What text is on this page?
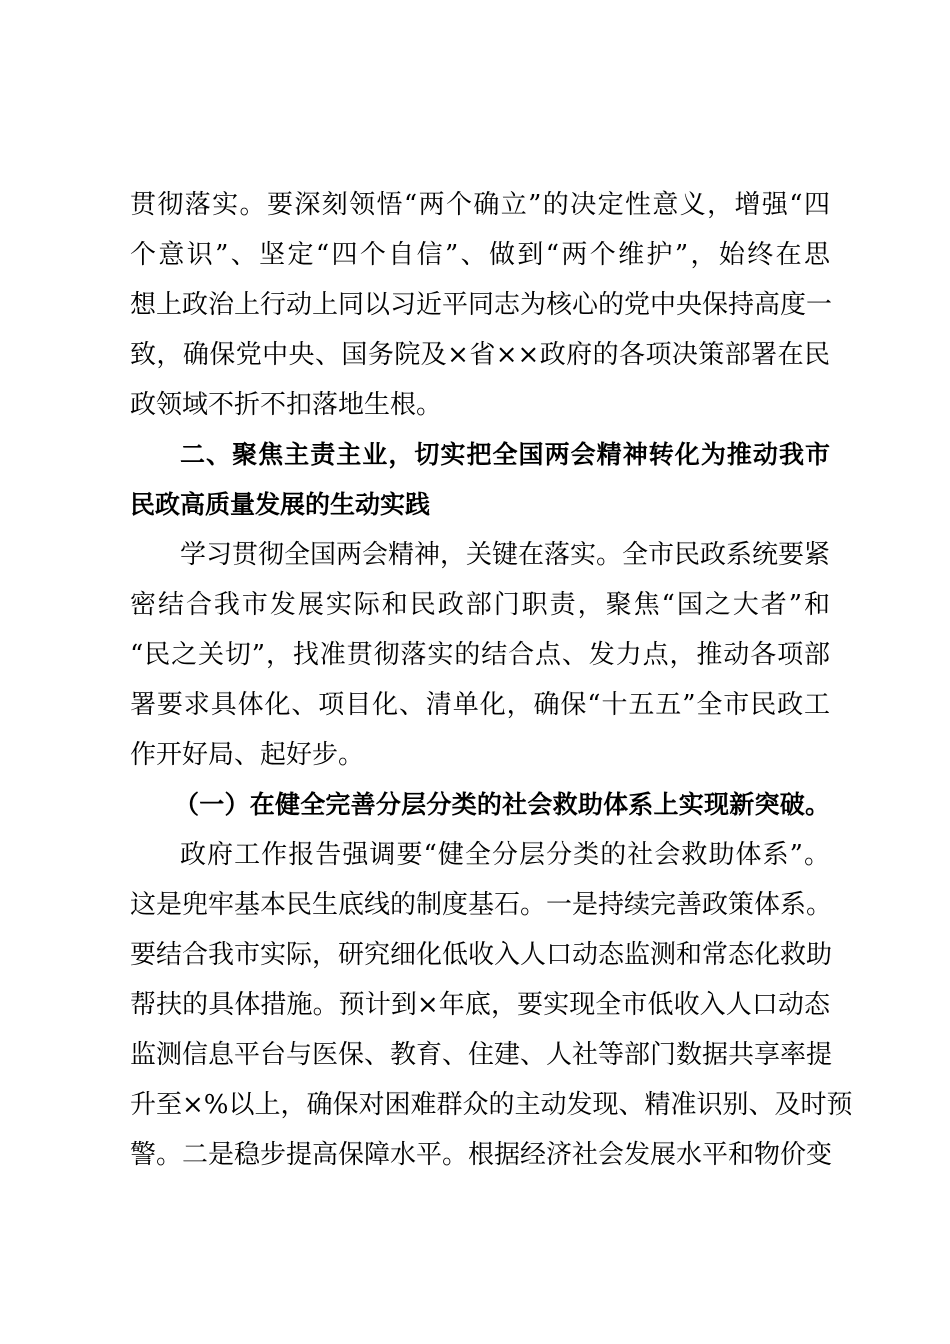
贯彻落实。要深刻领悟“两个确立”的决定性意义，增强“四
个意识”、坚定“四个自信”、做到“两个维护”，始终在思
想上政治上行动上同以习近平同志为核心的党中央保持高度一
致，确保党中央、国务院及×省××政府的各项决策部署在民
政领域不折不扣落地生根。
二、聚焦主责主业，切实把全国两会精神转化为推动我市
民政高质量发展的生动实践
学习贯彻全国两会精神，关键在落实。全市民政系统要紧
密结合我市发展实际和民政部门职责，聚焦“国之大者”和
“民之关切”，找准贯彻落实的结合点、发力点，推动各项部
署要求具体化、项目化、清单化，确保“十五五”全市民政工
作开好局、起好步。
（一）在健全完善分层分类的社会救助体系上实现新突破。
政府工作报告强调要“健全分层分类的社会救助体系”。
这是兜牢基本民生底线的制度基石。一是持续完善政策体系。
要结合我市实际，研究细化低收入人口动态监测和常态化救助
帮扶的具体措施。预计到×年底，要实现全市低收入人口动态
监测信息平台与医保、教育、住建、人社等部门数据共享率提
升至×%以上，确保对困难群众的主动发现、精准识别、及时预
警。二是稳步提高保障水平。根据经济社会发展水平和物价变
